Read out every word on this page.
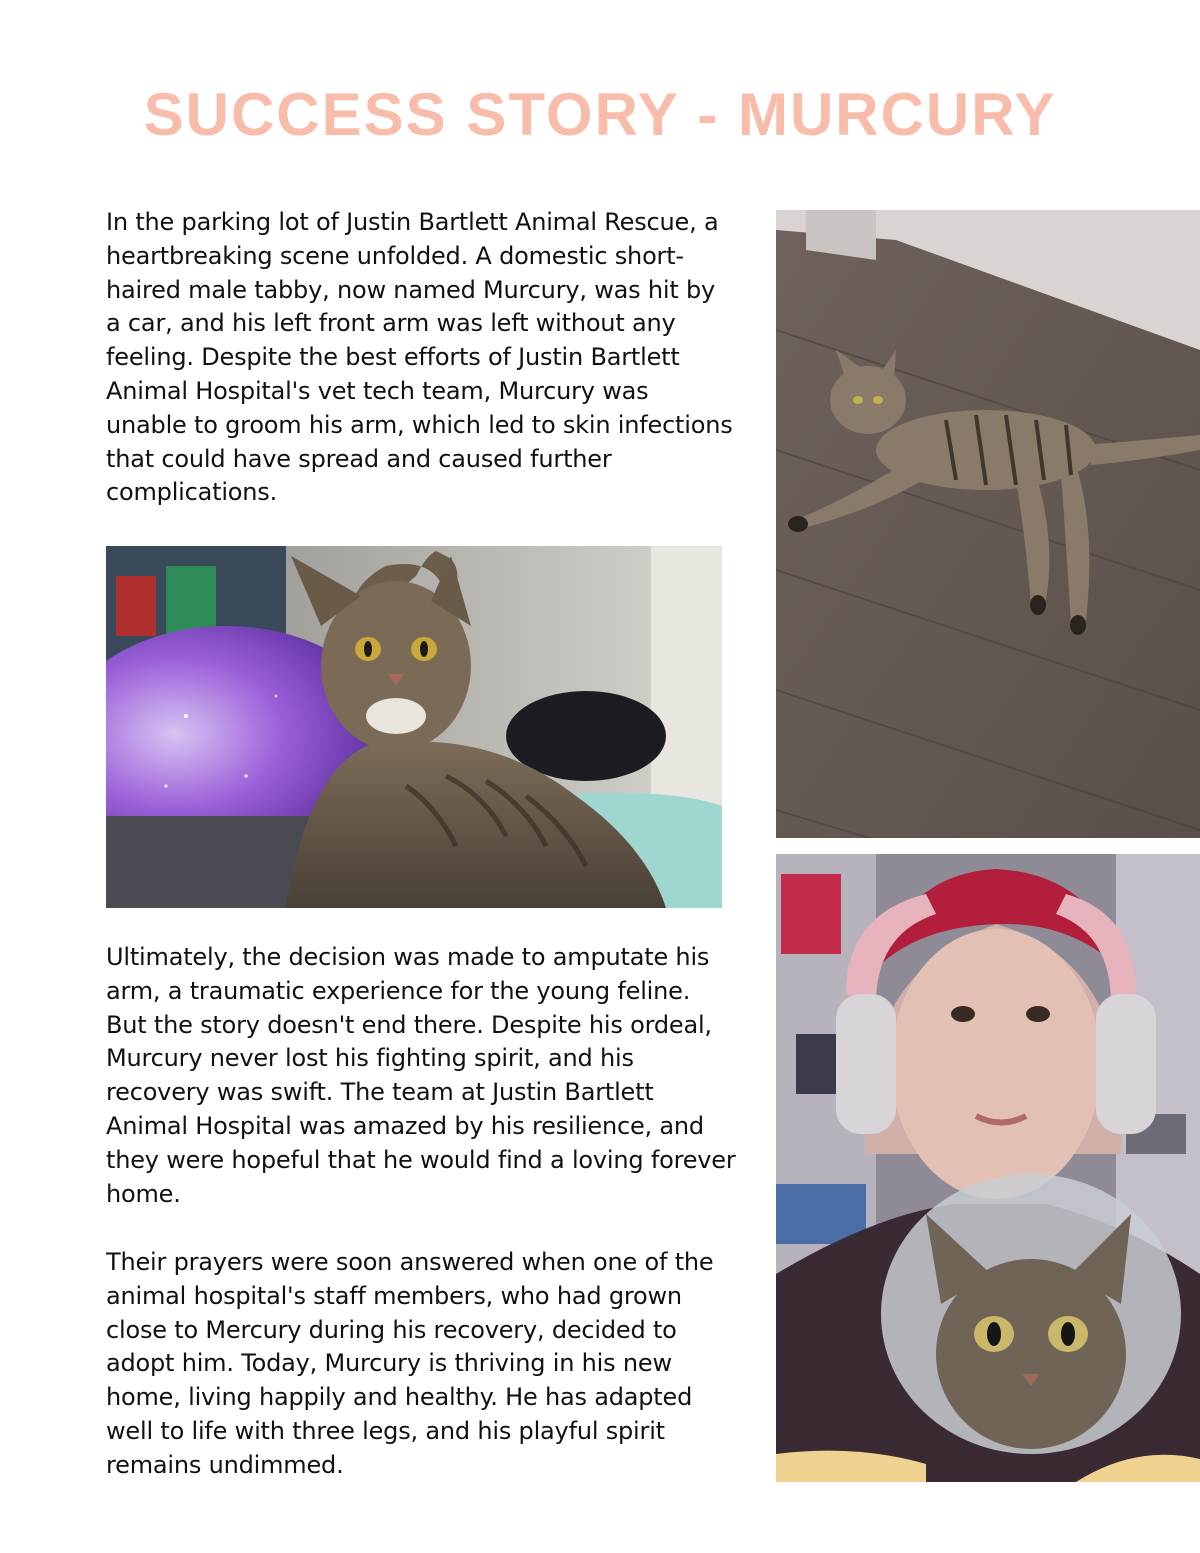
SUCCESS STORY - MURCURY

In the parking lot of Justin Bartlett Animal Rescue, a heartbreaking scene unfolded. A domestic short-haired male tabby, now named Murcury, was hit by a car, and his left front arm was left without any feeling. Despite the best efforts of Justin Bartlett Animal Hospital's vet tech team, Murcury was unable to groom his arm, which led to skin infections that could have spread and caused further complications.

Ultimately, the decision was made to amputate his arm, a traumatic experience for the young feline. But the story doesn't end there. Despite his ordeal, Murcury never lost his fighting spirit, and his recovery was swift. The team at Justin Bartlett Animal Hospital was amazed by his resilience, and they were hopeful that he would find a loving forever home.

Their prayers were soon answered when one of the animal hospital's staff members, who had grown close to Mercury during his recovery, decided to adopt him. Today, Murcury is thriving in his new home, living happily and healthy. He has adapted well to life with three legs, and his playful spirit remains undimmed.
